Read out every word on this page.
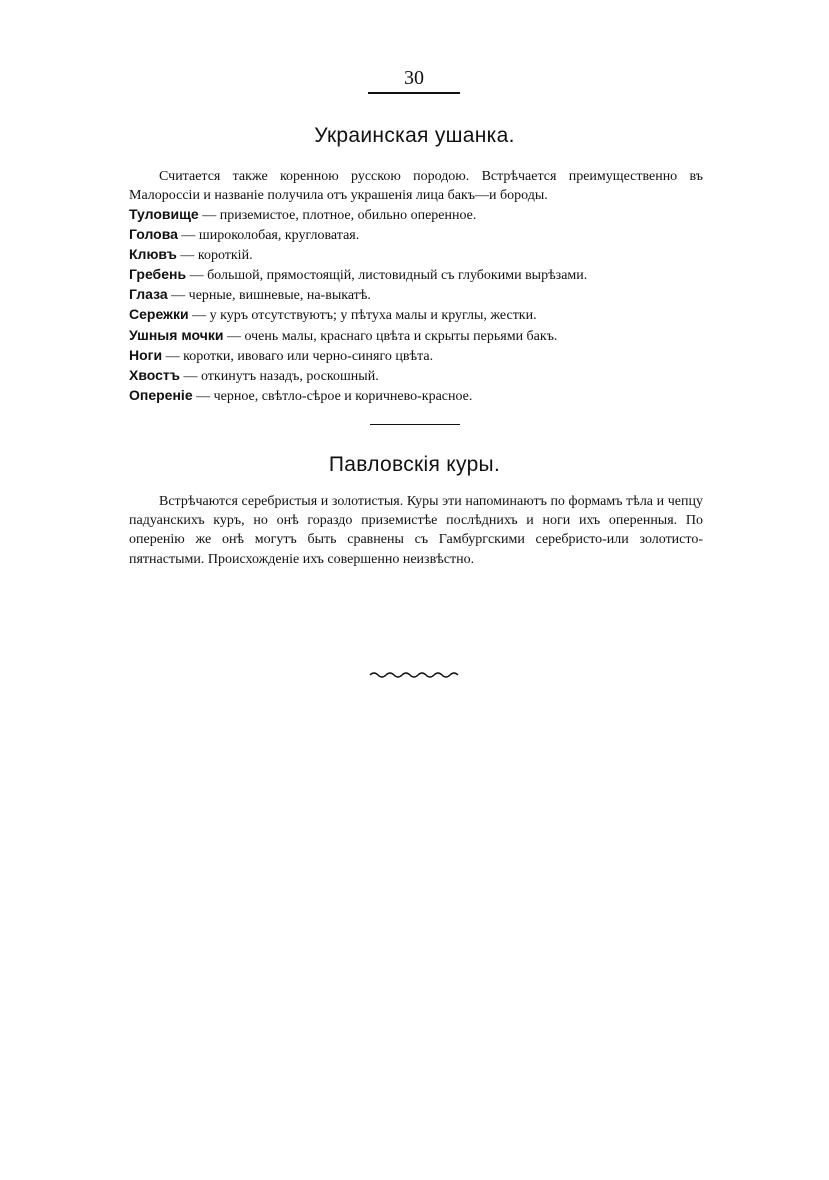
30
Украинская ушанка.

Считается также коренною русскою породою. Встрѣчается преимущественно въ Малороссіи и названіе получила отъ украшенія лица бакъ—и бороды.

Туловище — приземистое, плотное, обильно оперенное.
Голова — широколобая, кругловатая.
Клювъ — короткій.
Гребень — большой, прямостоящій, листовидный съ глубокими вырѣзами.
Глаза — черные, вишневые, на-выкатѣ.
Сережки — у куръ отсутствуютъ; у пѣтуха малы и круглы, жестки.
Ушныя мочки — очень малы, краснаго цвѣта и скрыты перьями бакъ.
Ноги — коротки, ивоваго или черно-синяго цвѣта.
Хвостъ — откинутъ назадъ, роскошный.
Опереніе — черное, свѣтло-сѣрое и коричнево-красное.
Павловскія куры.

Встрѣчаются серебристыя и золотистыя. Куры эти напоминаютъ по формамъ тѣла и чепцу падуанскихъ куръ, но онѣ гораздо приземистѣе послѣднихъ и ноги ихъ оперенныя. По оперенію же онѣ могутъ быть сравнены съ Гамбургскими серебристо-или золотисто-пятнастыми. Происхожденіе ихъ совершенно неизвѣстно.
